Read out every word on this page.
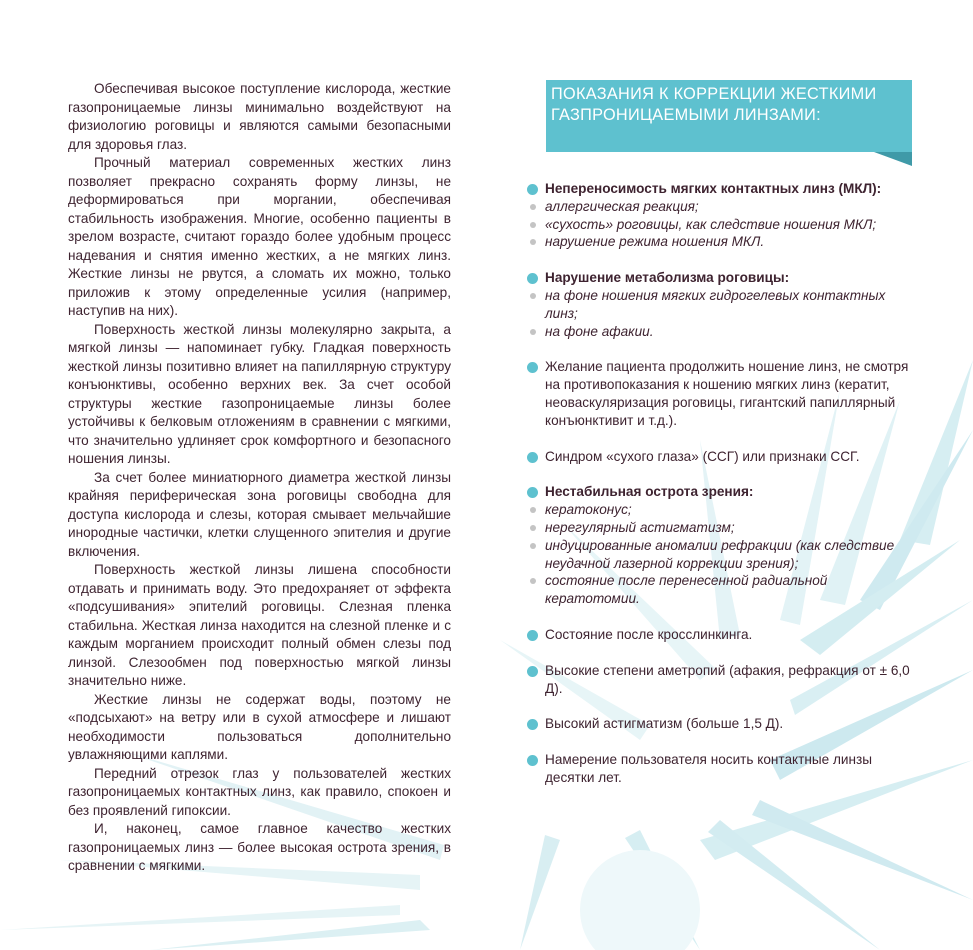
Обеспечивая высокое поступление кислорода, жесткие газопроницаемые линзы минимально воздействуют на физиологию роговицы и являются самыми безопасными для здоровья глаз.

Прочный материал современных жестких линз позволяет прекрасно сохранять форму линзы, не деформироваться при моргании, обеспечивая стабильность изображения. Многие, особенно пациенты в зрелом возрасте, считают гораздо более удобным процесс надевания и снятия именно жестких, а не мягких линз. Жесткие линзы не рвутся, а сломать их можно, только приложив к этому определенные усилия (например, наступив на них).

Поверхность жесткой линзы молекулярно закрыта, а мягкой линзы — напоминает губку. Гладкая поверхность жесткой линзы позитивно влияет на папиллярную структуру конъюнктивы, особенно верхних век. За счет особой структуры жесткие газопроницаемые линзы более устойчивы к белковым отложениям в сравнении с мягкими, что значительно удлиняет срок комфортного и безопасного ношения линзы.

За счет более миниатюрного диаметра жесткой линзы крайняя периферическая зона роговицы свободна для доступа кислорода и слезы, которая смывает мельчайшие инородные частички, клетки слущенного эпителия и другие включения.

Поверхность жесткой линзы лишена способности отдавать и принимать воду. Это предохраняет от эффекта «подсушивания» эпителий роговицы. Слезная пленка стабильна. Жесткая линза находится на слезной пленке и с каждым морганием происходит полный обмен слезы под линзой. Слезообмен под поверхностью мягкой линзы значительно ниже.

Жесткие линзы не содержат воды, поэтому не «подсыхают» на ветру или в сухой атмосфере и лишают необходимости пользоваться дополнительно увлажняющими каплями.

Передний отрезок глаз у пользователей жестких газопроницаемых контактных линз, как правило, спокоен и без проявлений гипоксии.

И, наконец, самое главное качество жестких газопроницаемых линз — более высокая острота зрения, в сравнении с мягкими.

ПОКАЗАНИЯ К КОРРЕКЦИИ ЖЕСТКИМИ ГАЗПРОНИЦАЕМЫМИ ЛИНЗАМИ:
Непереносимость мягких контактных линз (МКЛ):
аллергическая реакция;
«сухость» роговицы, как следствие ношения МКЛ;
нарушение режима ношения МКЛ.
Нарушение метаболизма роговицы:
на фоне ношения мягких гидрогелевых контактных линз;
на фоне афакии.
Желание пациента продолжить ношение линз, не смотря на противопоказания к ношению мягких линз (кератит, неоваскуляризация роговицы, гигантский папиллярный конъюнктивит и т.д.).
Синдром «сухого глаза» (ССГ) или признаки ССГ.
Нестабильная острота зрения:
кератоконус;
нерегулярный астигматизм;
индуцированные аномалии рефракции (как следствие неудачной лазерной коррекции зрения);
состояние после перенесенной радиальной кератотомии.
Состояние после кросслинкинга.
Высокие степени аметропий (афакия, рефракция от ± 6,0 Д).
Высокий астигматизм (больше 1,5 Д).
Намерение пользователя носить контактные линзы десятки лет.
